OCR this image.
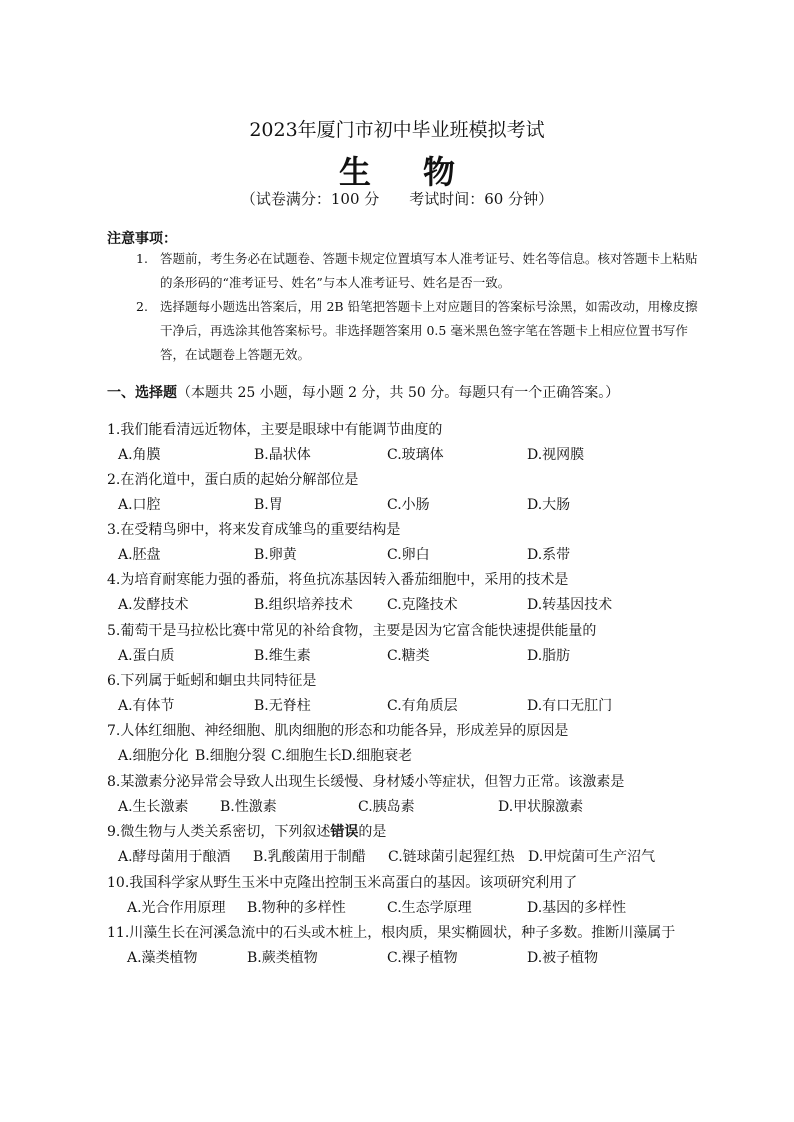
2023年厦门市初中毕业班模拟考试
生物
（试卷满分：100 分　　考试时间：60 分钟）
注意事项：
1. 答题前，考生务必在试题卷、答题卡规定位置填写本人准考证号、姓名等信息。核对答题卡上粘贴的条形码的“准考证号、姓名”与本人准考证号、姓名是否一致。
2. 选择题每小题选出答案后，用 2B 铅笔把答题卡上对应题目的答案标号涂黑，如需改动，用橡皮擦干净后，再选涂其他答案标号。非选择题答案用 0.5 毫米黑色签字笔在答题卡上相应位置书写作答，在试题卷上答题无效。
一、选择题（本题共 25 小题，每小题 2 分，共 50 分。每题只有一个正确答案。）
1.我们能看清远近物体，主要是眼球中有能调节曲度的
A.角膜	B.晶状体	C.玻璃体	D.视网膜
2.在消化道中，蛋白质的起始分解部位是
A.口腔	B.胃	C.小肠	D.大肠
3.在受精鸟卵中，将来发育成雏鸟的重要结构是
A.胚盘	B.卵黄	C.卵白	D.系带
4.为培育耐寒能力强的番茄，将鱼抗冻基因转入番茄细胞中，采用的技术是
A.发酵技术	B.组织培养技术 C.克隆技术	D.转基因技术
5.葡萄干是马拉松比赛中常见的补给食物，主要是因为它富含能快速提供能量的
A.蛋白质	B.维生素	C.糖类	D.脂肪
6.下列属于蚯蚓和蛔虫共同特征是
A.有体节	B.无脊柱	C.有角质层	D.有口无肛门
7.人体红细胞、神经细胞、肌肉细胞的形态和功能各异，形成差异的原因是
A.细胞分化 B.细胞分裂 C.细胞生长 D.细胞衰老
8.某激素分泌异常会导致人出现生长缓慢、身材矮小等症状，但智力正常。该激素是
A.生长激素 B.性激素	C.胰岛素	D.甲状腺激素
9.微生物与人类关系密切，下列叙述错误的是
A.酵母菌用于酿酒 B.乳酸菌用于制醋 C.链球菌引起猩红热 D.甲烷菌可生产沼气
10.我国科学家从野生玉米中克隆出控制玉米高蛋白的基因。该项研究利用了
A.光合作用原理 B.物种的多样性	C.生态学原理	D.基因的多样性
11.川藻生长在河溪急流中的石头或木桩上，根肉质，果实椭圆状，种子多数。推断川藻属于
A.藻类植物	B.蕨类植物	C.裸子植物	D.被子植物
